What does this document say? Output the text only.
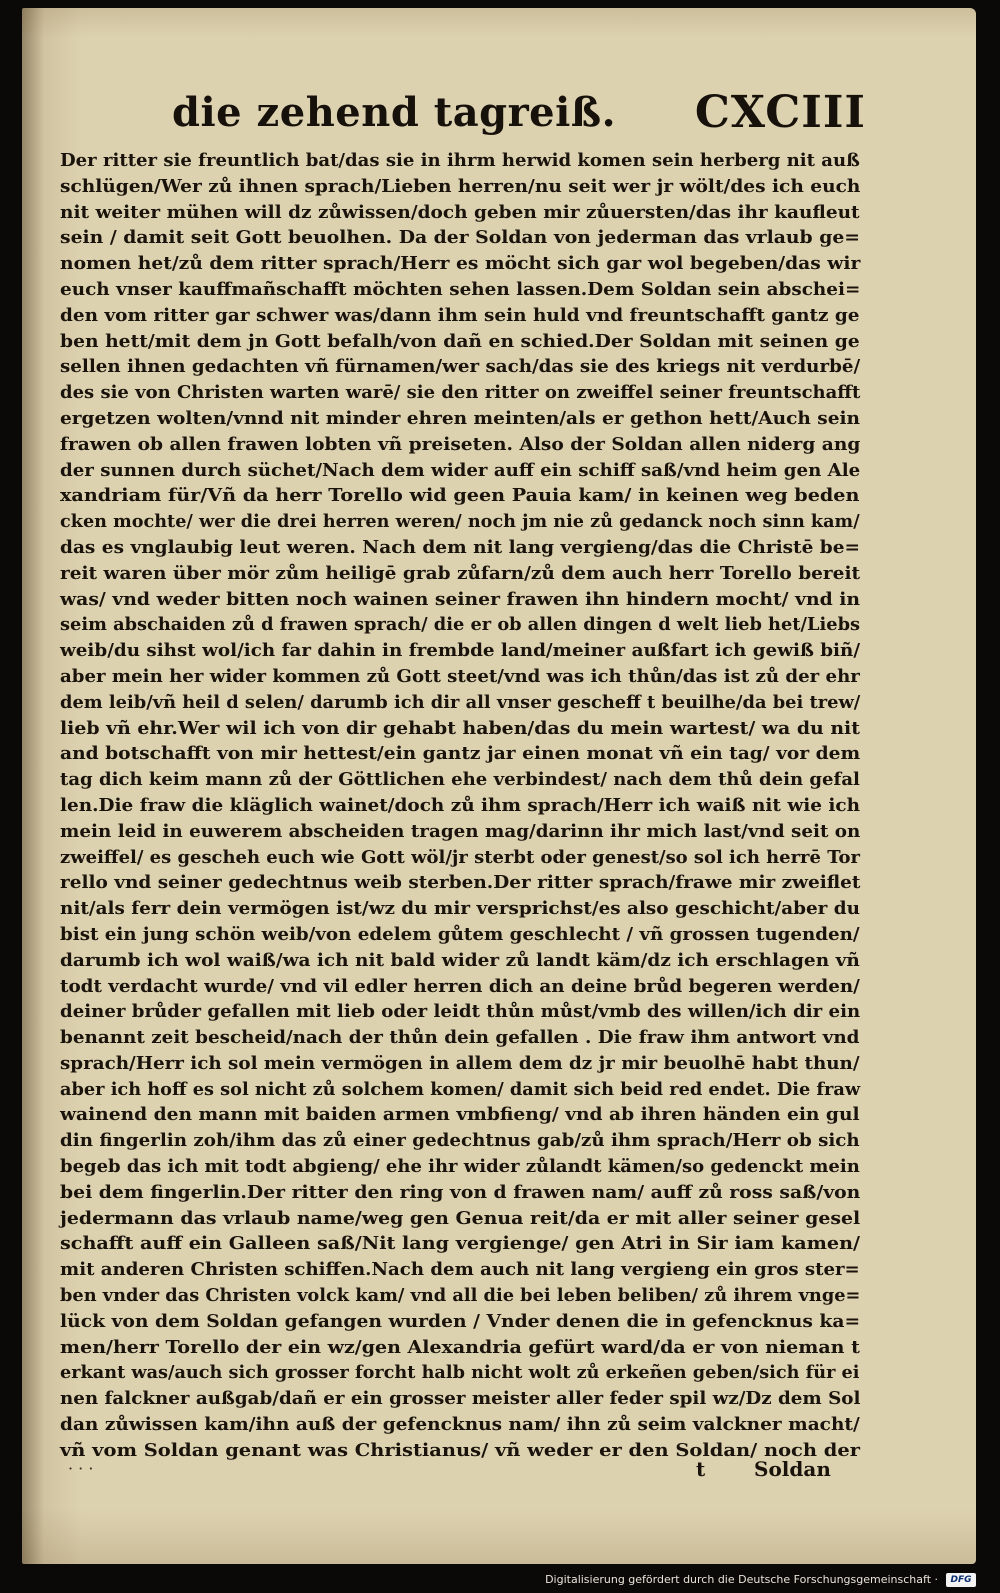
die zehend tagreiß. CXCIII
Der ritter sie freuntlich bat/das sie in ihrm herwid komen sein herberg nit auß
schlügen/Wer zů ihnen sprach/Lieben herren/nu seit wer jr wölt/des ich euch
nit weiter mühen will dz zůwissen/doch geben mir zůuersten/das ihr kaufleut
sein / damit seit Gott beuolhen. Da der Soldan von jederman das vrlaub ge=
nomen het/zů dem ritter sprach/Herr es möcht sich gar wol begeben/das wir
euch vnser kauffmañschafft möchten sehen lassen.Dem Soldan sein abschei=
den vom ritter gar schwer was/dann ihm sein huld vnd freuntschafft gantz ge
ben hett/mit dem jn Gott befalh/von dañ en schied.Der Soldan mit seinen ge
sellen ihnen gedachten vñ fürnamen/wer sach/das sie des kriegs nit verdurbē/
des sie von Christen warten warē/ sie den ritter on zweiffel seiner freuntschafft
ergetzen wolten/vnnd nit minder ehren meinten/als er gethon hett/Auch sein
frawen ob allen frawen lobten vñ preiseten. Also der Soldan allen niderg ang
der sunnen durch süchet/Nach dem wider auff ein schiff saß/vnd heim gen Ale
xandriam für/Vñ da herr Torello wid geen Pauia kam/ in keinen weg beden
cken mochte/ wer die drei herren weren/ noch jm nie zů gedanck noch sinn kam/
das es vnglaubig leut weren. Nach dem nit lang vergieng/das die Christē be=
reit waren über mör zům heiligē grab zůfarn/zů dem auch herr Torello bereit
was/ vnd weder bitten noch wainen seiner frawen ihn hindern mocht/ vnd in
seim abschaiden zů d frawen sprach/ die er ob allen dingen d welt lieb het/Liebs
weib/du sihst wol/ich far dahin in frembde land/meiner außfart ich gewiß biñ/
aber mein her wider kommen zů Gott steet/vnd was ich thůn/das ist zů der ehr
dem leib/vñ heil d selen/ darumb ich dir all vnser gescheff t beuilhe/da bei trew/
lieb vñ ehr.Wer wil ich von dir gehabt haben/das du mein wartest/ wa du nit
and botschafft von mir hettest/ein gantz jar einen monat vñ ein tag/ vor dem
tag dich keim mann zů der Göttlichen ehe verbindest/ nach dem thů dein gefal
len.Die fraw die kläglich wainet/doch zů ihm sprach/Herr ich waiß nit wie ich
mein leid in euwerem abscheiden tragen mag/darinn ihr mich last/vnd seit on
zweiffel/ es gescheh euch wie Gott wöl/jr sterbt oder genest/so sol ich herrē Tor
rello vnd seiner gedechtnus weib sterben.Der ritter sprach/frawe mir zweiflet
nit/als ferr dein vermögen ist/wz du mir versprichst/es also geschicht/aber du
bist ein jung schön weib/von edelem gůtem geschlecht / vñ grossen tugenden/
darumb ich wol waiß/wa ich nit bald wider zů landt käm/dz ich erschlagen vñ
todt verdacht wurde/ vnd vil edler herren dich an deine brůd begeren werden/
deiner brůder gefallen mit lieb oder leidt thůn můst/vmb des willen/ich dir ein
benannt zeit bescheid/nach der thůn dein gefallen . Die fraw ihm antwort vnd
sprach/Herr ich sol mein vermögen in allem dem dz jr mir beuolhē habt thun/
aber ich hoff es sol nicht zů solchem komen/ damit sich beid red endet. Die fraw
wainend den mann mit baiden armen vmbfieng/ vnd ab ihren händen ein gul
din fingerlin zoh/ihm das zů einer gedechtnus gab/zů ihm sprach/Herr ob sich
begeb das ich mit todt abgieng/ ehe ihr wider zůlandt kämen/so gedenckt mein
bei dem fingerlin.Der ritter den ring von d frawen nam/ auff zů ross saß/von
jedermann das vrlaub name/weg gen Genua reit/da er mit aller seiner gesel
schafft auff ein Galleen saß/Nit lang vergienge/ gen Atri in Sir iam kamen/
mit anderen Christen schiffen.Nach dem auch nit lang vergieng ein gros ster=
ben vnder das Christen volck kam/ vnd all die bei leben beliben/ zů ihrem vnge=
lück von dem Soldan gefangen wurden / Vnder denen die in gefencknus ka=
men/herr Torello der ein wz/gen Alexandria gefürt ward/da er von nieman t
erkant was/auch sich grosser forcht halb nicht wolt zů erkeñen geben/sich für ei
nen falckner außgab/dañ er ein grosser meister aller feder spil wz/Dz dem Sol
dan zůwissen kam/ihn auß der gefencknus nam/ ihn zů seim valckner macht/
vñ vom Soldan genant was Christianus/ vñ weder er den Soldan/ noch der
· · ·	t Soldan
Digitalisierung gefördert durch die Deutsche Forschungsgemeinschaft ·	DFG
